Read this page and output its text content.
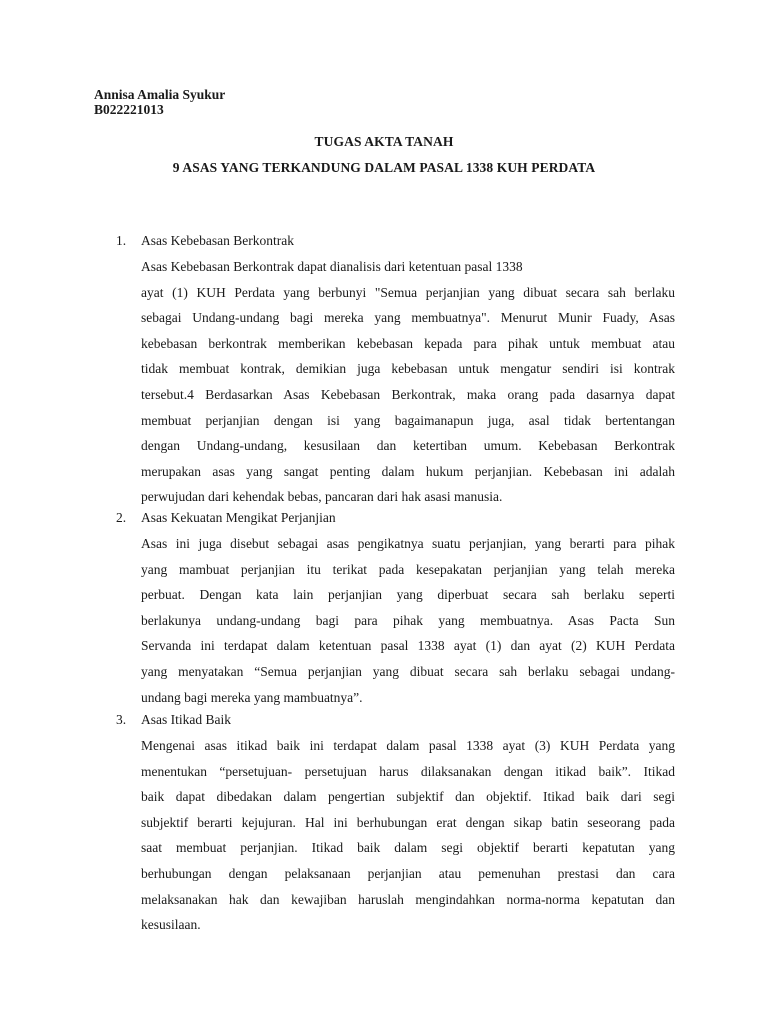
Annisa Amalia Syukur
B022221013
TUGAS AKTA TANAH
9 ASAS YANG TERKANDUNG DALAM PASAL 1338 KUH PERDATA
1. Asas Kebebasan Berkontrak
Asas Kebebasan Berkontrak dapat dianalisis dari ketentuan pasal 1338
ayat (1) KUH Perdata yang berbunyi "Semua perjanjian yang dibuat secara sah berlaku
sebagai Undang-undang bagi mereka yang membuatnya". Menurut Munir Fuady, Asas
kebebasan berkontrak memberikan kebebasan kepada para pihak untuk membuat atau
tidak membuat kontrak, demikian juga kebebasan untuk mengatur sendiri isi kontrak
tersebut.4 Berdasarkan Asas Kebebasan Berkontrak, maka orang pada dasarnya dapat
membuat perjanjian dengan isi yang bagaimanapun juga, asal tidak bertentangan
dengan Undang-undang, kesusilaan dan ketertiban umum. Kebebasan Berkontrak
merupakan asas yang sangat penting dalam hukum perjanjian. Kebebasan ini adalah
perwujudan dari kehendak bebas, pancaran dari hak asasi manusia.
2. Asas Kekuatan Mengikat Perjanjian
Asas ini juga disebut sebagai asas pengikatnya suatu perjanjian, yang berarti para pihak
yang mambuat perjanjian itu terikat pada kesepakatan perjanjian yang telah mereka
perbuat. Dengan kata lain perjanjian yang diperbuat secara sah berlaku seperti
berlakunya undang-undang bagi para pihak yang membuatnya. Asas Pacta Sun
Servanda ini terdapat dalam ketentuan pasal 1338 ayat (1) dan ayat (2) KUH Perdata
yang menyatakan “Semua perjanjian yang dibuat secara sah berlaku sebagai undang-
undang bagi mereka yang mambuatnya”.
3. Asas Itikad Baik
Mengenai asas itikad baik ini terdapat dalam pasal 1338 ayat (3) KUH Perdata yang
menentukan “persetujuan- persetujuan harus dilaksanakan dengan itikad baik”. Itikad
baik dapat dibedakan dalam pengertian subjektif dan objektif. Itikad baik dari segi
subjektif berarti kejujuran. Hal ini berhubungan erat dengan sikap batin seseorang pada
saat membuat perjanjian. Itikad baik dalam segi objektif berarti kepatutan yang
berhubungan dengan pelaksanaan perjanjian atau pemenuhan prestasi dan cara
melaksanakan hak dan kewajiban haruslah mengindahkan norma-norma kepatutan dan
kesusilaan.
